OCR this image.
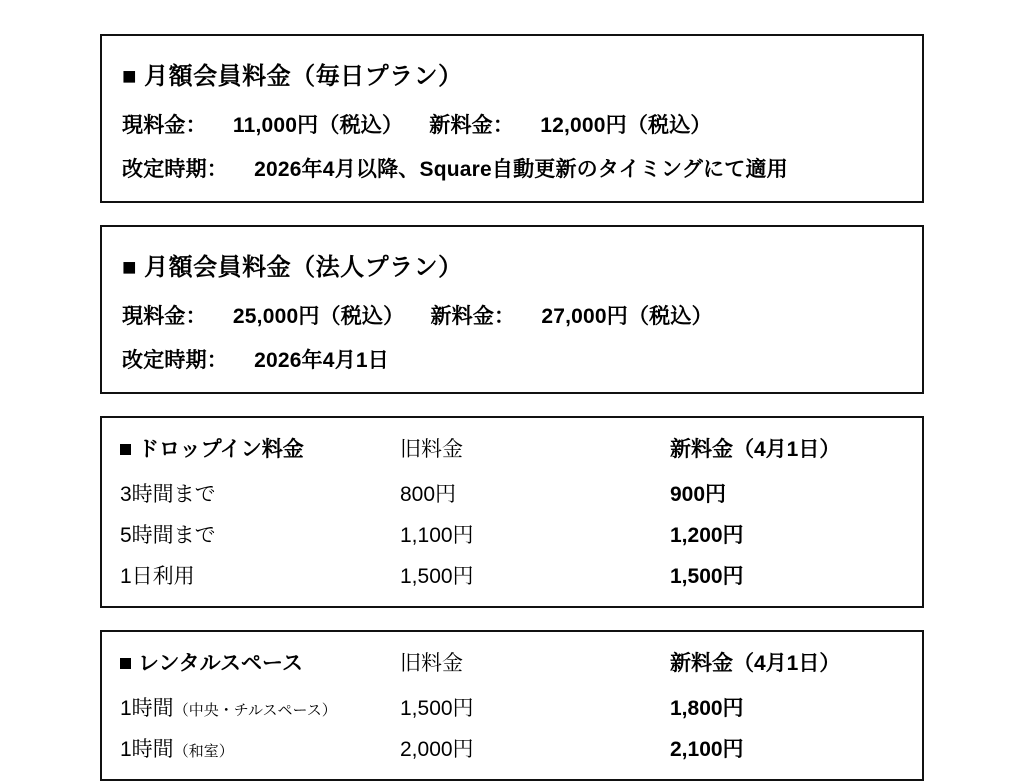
■ 月額会員料金（毎日プラン）
現料金： 11,000円（税込） 新料金： 12,000円（税込）
改定時期： 2026年4月以降、Square自動更新のタイミングにて適用
■ 月額会員料金（法人プラン）
現料金： 25,000円（税込） 新料金： 27,000円（税込）
改定時期： 2026年4月1日
ドロップイン料金	旧料金	新料金（4月1日）
3時間まで	800円	900円
5時間まで	1,100円	1,200円
1日利用	1,500円	1,500円
レンタルスペース	旧料金	新料金（4月1日）
1時間（中央・チルスペース）	1,500円	1,800円
1時間（和室）	2,000円	2,100円
